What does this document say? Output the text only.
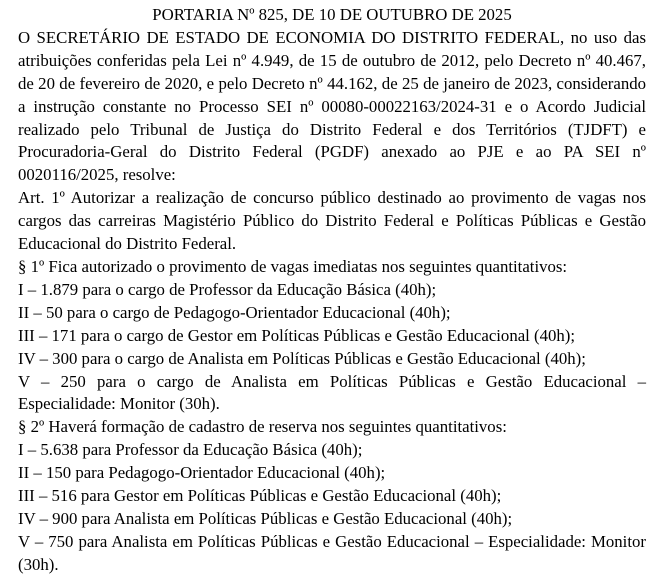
PORTARIA Nº 825, DE 10 DE OUTUBRO DE 2025

O SECRETÁRIO DE ESTADO DE ECONOMIA DO DISTRITO FEDERAL, no uso das atribuições conferidas pela Lei nº 4.949, de 15 de outubro de 2012, pelo Decreto nº 40.467, de 20 de fevereiro de 2020, e pelo Decreto nº 44.162, de 25 de janeiro de 2023, considerando a instrução constante no Processo SEI nº 00080-00022163/2024-31 e o Acordo Judicial realizado pelo Tribunal de Justiça do Distrito Federal e dos Territórios (TJDFT) e Procuradoria-Geral do Distrito Federal (PGDF) anexado ao PJE e ao PA SEI nº 0020116/2025, resolve:

Art. 1º Autorizar a realização de concurso público destinado ao provimento de vagas nos cargos das carreiras Magistério Público do Distrito Federal e Políticas Públicas e Gestão Educacional do Distrito Federal.

§ 1º Fica autorizado o provimento de vagas imediatas nos seguintes quantitativos:

I – 1.879 para o cargo de Professor da Educação Básica (40h);

II – 50 para o cargo de Pedagogo-Orientador Educacional (40h);

III – 171 para o cargo de Gestor em Políticas Públicas e Gestão Educacional (40h);

IV – 300 para o cargo de Analista em Políticas Públicas e Gestão Educacional (40h);

V – 250 para o cargo de Analista em Políticas Públicas e Gestão Educacional – Especialidade: Monitor (30h).

§ 2º Haverá formação de cadastro de reserva nos seguintes quantitativos:

I – 5.638 para Professor da Educação Básica (40h);

II – 150 para Pedagogo-Orientador Educacional (40h);

III – 516 para Gestor em Políticas Públicas e Gestão Educacional (40h);

IV – 900 para Analista em Políticas Públicas e Gestão Educacional (40h);

V – 750 para Analista em Políticas Públicas e Gestão Educacional – Especialidade: Monitor (30h).
